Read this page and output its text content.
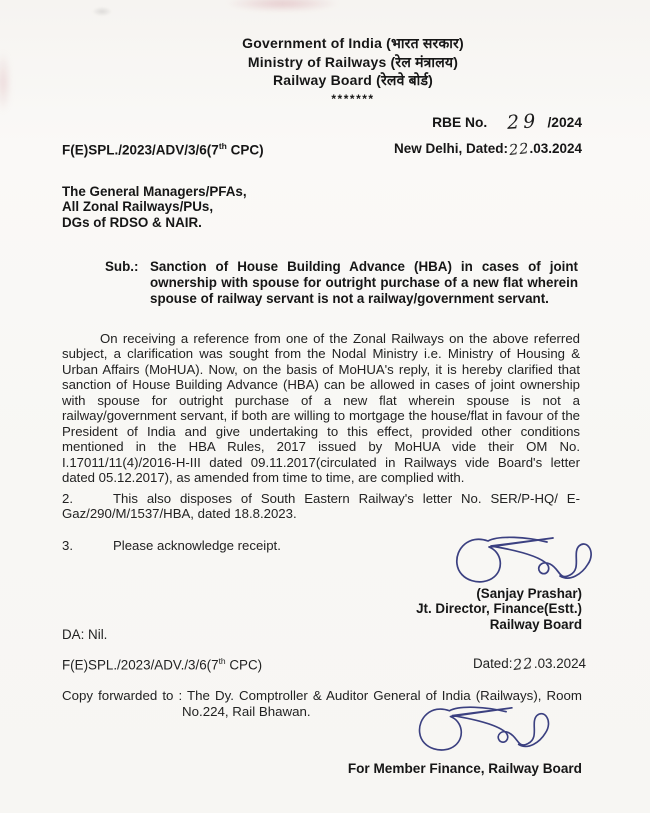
Government of India (भारत सरकार)
Ministry of Railways (रेल मंत्रालय)
Railway Board (रेलवे बोर्ड)
*******
RBE No. 29 /2024
F(E)SPL./2023/ADV/3/6(7th CPC)	New Delhi, Dated:22.03.2024
The General Managers/PFAs,
All Zonal Railways/PUs,
DGs of RDSO & NAIR.
Sub.: Sanction of House Building Advance (HBA) in cases of joint ownership with spouse for outright purchase of a new flat wherein spouse of railway servant is not a railway/government servant.

On receiving a reference from one of the Zonal Railways on the above referred subject, a clarification was sought from the Nodal Ministry i.e. Ministry of Housing & Urban Affairs (MoHUA). Now, on the basis of MoHUA's reply, it is hereby clarified that sanction of House Building Advance (HBA) can be allowed in cases of joint ownership with spouse for outright purchase of a new flat wherein spouse is not a railway/government servant, if both are willing to mortgage the house/flat in favour of the President of India and give undertaking to this effect, provided other conditions mentioned in the HBA Rules, 2017 issued by MoHUA vide their OM No. I.17011/11(4)/2016-H-III dated 09.11.2017(circulated in Railways vide Board's letter dated 05.12.2017), as amended from time to time, are complied with.

2.	This also disposes of South Eastern Railway's letter No. SER/P-HQ/ E-Gaz/290/M/1537/HBA, dated 18.8.2023.

3.	Please acknowledge receipt.

(Sanjay Prashar)
Jt. Director, Finance(Estt.)
Railway Board
DA: Nil.
F(E)SPL./2023/ADV./3/6(7th CPC)	Dated:22.03.2024
Copy forwarded to : The Dy. Comptroller & Auditor General of India (Railways), Room No.224, Rail Bhawan.
For Member Finance, Railway Board
